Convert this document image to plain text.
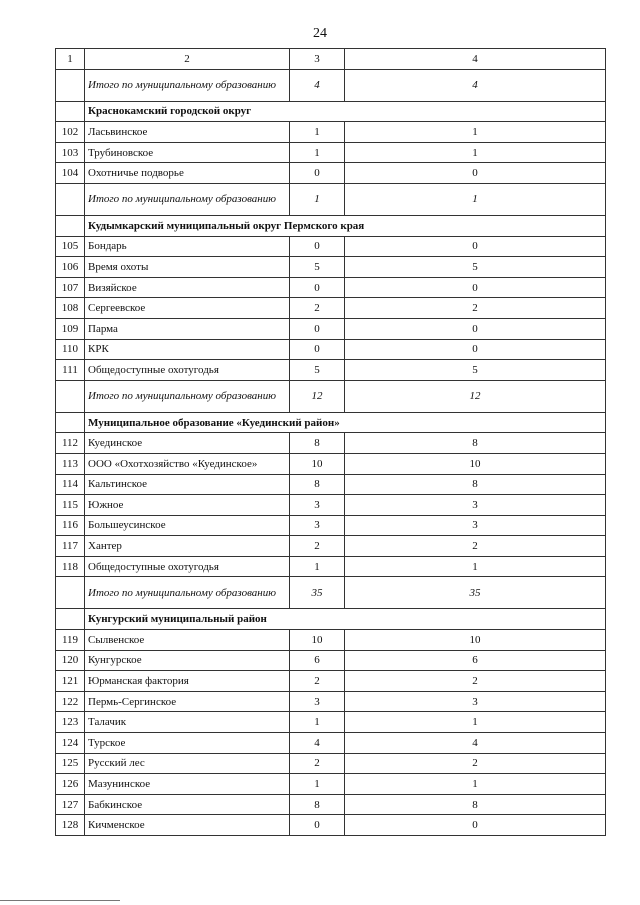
24
1	2	3	4
	Итого по муниципальному образованию	4	4
	Краснокамский городской округ		
102	Ласьвинское	1	1
103	Трубиновское	1	1
104	Охотничье подворье	0	0
	Итого по муниципальному образованию	1	1
	Кудымкарский муниципальный округ Пермского края		
105	Бондарь	0	0
106	Время охоты	5	5
107	Визяйское	0	0
108	Сергеевское	2	2
109	Парма	0	0
110	КРК	0	0
111	Общедоступные охотугодья	5	5
	Итого по муниципальному образованию	12	12
	Муниципальное образование «Куединский район»		
112	Куединское	8	8
113	ООО «Охотхозяйство «Куединское»	10	10
114	Кальтинское	8	8
115	Южное	3	3
116	Большеусинское	3	3
117	Хантер	2	2
118	Общедоступные охотугодья	1	1
	Итого по муниципальному образованию	35	35
	Кунгурский муниципальный район		
119	Сылвенское	10	10
120	Кунгурское	6	6
121	Юрманская фактория	2	2
122	Пермь-Сергинское	3	3
123	Талачик	1	1
124	Турское	4	4
125	Русский лес	2	2
126	Мазунинское	1	1
127	Бабкинское	8	8
128	Кичменское	0	0
